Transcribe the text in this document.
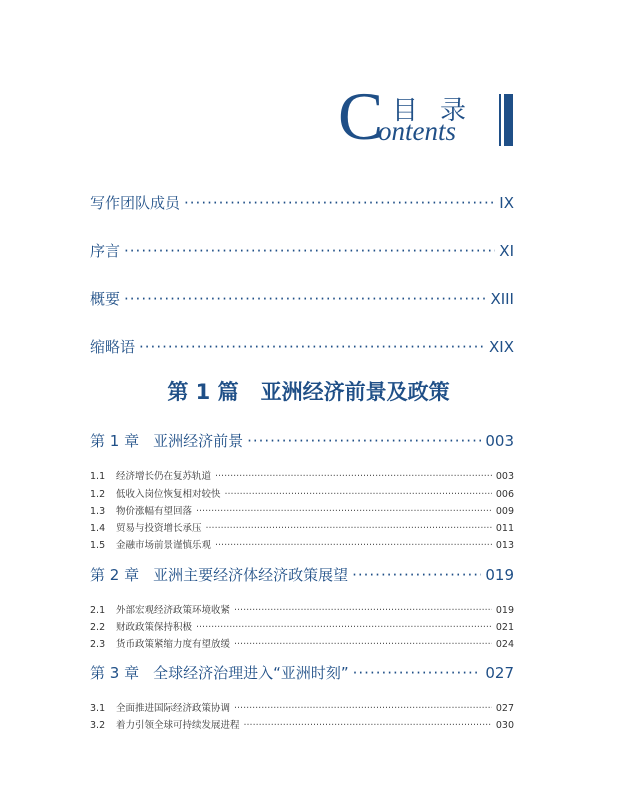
C 目录
ontents
写作团队成员 ·····	IX
序言 ·····	XI
概要 ·····	XIII
缩略语 ·····	XIX
第 1 篇 亚洲经济前景及政策
第 1 章 亚洲经济前景 ·····	003
1.1	经济增长仍在复苏轨道 ·····	003
1.2	低收入岗位恢复相对较快 ·····	006
1.3	物价涨幅有望回落 ·····	009
1.4	贸易与投资增长承压 ·····	011
1.5	金融市场前景谨慎乐观 ·····	013
第 2 章 亚洲主要经济体经济政策展望 ·····	019
2.1	外部宏观经济政策环境收紧 ·····	019
2.2	财政政策保持积极 ·····	021
2.3	货币政策紧缩力度有望放缓 ·····	024
第 3 章 全球经济治理进入“亚洲时刻” ·····	027
3.1	全面推进国际经济政策协调 ·····	027
3.2	着力引领全球可持续发展进程 ·····	030
